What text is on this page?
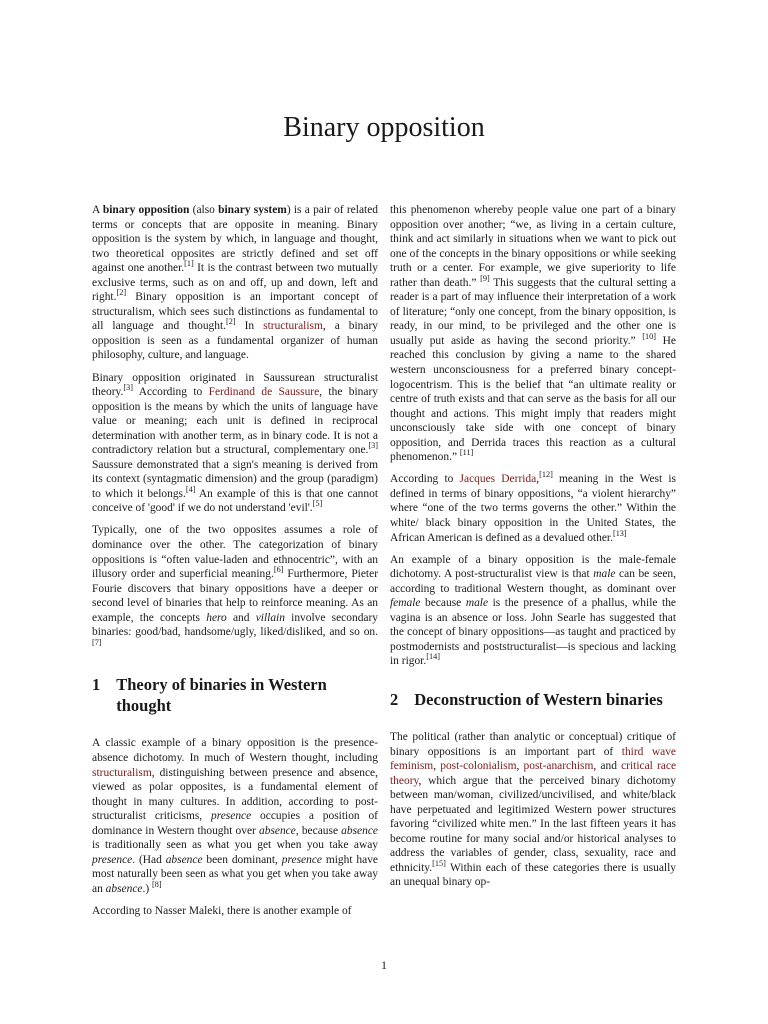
Binary opposition

A binary opposition (also binary system) is a pair of related terms or concepts that are opposite in meaning. Binary opposition is the system by which, in language and thought, two theoretical opposites are strictly defined and set off against one another.[1] It is the contrast between two mutually exclusive terms, such as on and off, up and down, left and right.[2] Binary opposition is an important concept of structuralism, which sees such distinctions as fundamental to all language and thought.[2] In structuralism, a binary opposition is seen as a fundamental organizer of human philosophy, culture, and language.

Binary opposition originated in Saussurean structuralist theory.[3] According to Ferdinand de Saussure, the binary opposition is the means by which the units of language have value or meaning; each unit is defined in reciprocal determination with another term, as in binary code. It is not a contradictory relation but a structural, complementary one.[3] Saussure demonstrated that a sign's meaning is derived from its context (syntagmatic dimension) and the group (paradigm) to which it belongs.[4] An example of this is that one cannot conceive of 'good' if we do not understand 'evil'.[5]

Typically, one of the two opposites assumes a role of dominance over the other. The categorization of binary oppositions is “often value-laden and ethnocentric”, with an illusory order and superficial meaning.[6] Furthermore, Pieter Fourie discovers that binary oppositions have a deeper or second level of binaries that help to reinforce meaning. As an example, the concepts hero and villain involve secondary binaries: good/bad, handsome/ugly, liked/disliked, and so on.[7]

1 Theory of binaries in Western thought

A classic example of a binary opposition is the presence-absence dichotomy. In much of Western thought, including structuralism, distinguishing between presence and absence, viewed as polar opposites, is a fundamental element of thought in many cultures. In addition, according to post-structuralist criticisms, presence occupies a position of dominance in Western thought over absence, because absence is traditionally seen as what you get when you take away presence. (Had absence been dominant, presence might have most naturally been seen as what you get when you take away an absence.) [8]

According to Nasser Maleki, there is another example of

this phenomenon whereby people value one part of a binary opposition over another; “we, as living in a certain culture, think and act similarly in situations when we want to pick out one of the concepts in the binary oppositions or while seeking truth or a center. For example, we give superiority to life rather than death.” [9] This suggests that the cultural setting a reader is a part of may influence their interpretation of a work of literature; “only one concept, from the binary opposition, is ready, in our mind, to be privileged and the other one is usually put aside as having the second priority.” [10] He reached this conclusion by giving a name to the shared western unconsciousness for a preferred binary concept- logocentrism. This is the belief that “an ultimate reality or centre of truth exists and that can serve as the basis for all our thought and actions. This might imply that readers might unconsciously take side with one concept of binary opposition, and Derrida traces this reaction as a cultural phenomenon.” [11]

According to Jacques Derrida,[12] meaning in the West is defined in terms of binary oppositions, “a violent hierarchy” where “one of the two terms governs the other.” Within the white/ black binary opposition in the United States, the African American is defined as a devalued other.[13]

An example of a binary opposition is the male-female dichotomy. A post-structuralist view is that male can be seen, according to traditional Western thought, as dominant over female because male is the presence of a phallus, while the vagina is an absence or loss. John Searle has suggested that the concept of binary oppositions—as taught and practiced by postmodernists and poststructuralist—is specious and lacking in rigor.[14]

2 Deconstruction of Western binaries

The political (rather than analytic or conceptual) critique of binary oppositions is an important part of third wave feminism, post-colonialism, post-anarchism, and critical race theory, which argue that the perceived binary dichotomy between man/woman, civilized/uncivilised, and white/black have perpetuated and legitimized Western power structures favoring “civilized white men.” In the last fifteen years it has become routine for many social and/or historical analyses to address the variables of gender, class, sexuality, race and ethnicity.[15] Within each of these categories there is usually an unequal binary op-

1
